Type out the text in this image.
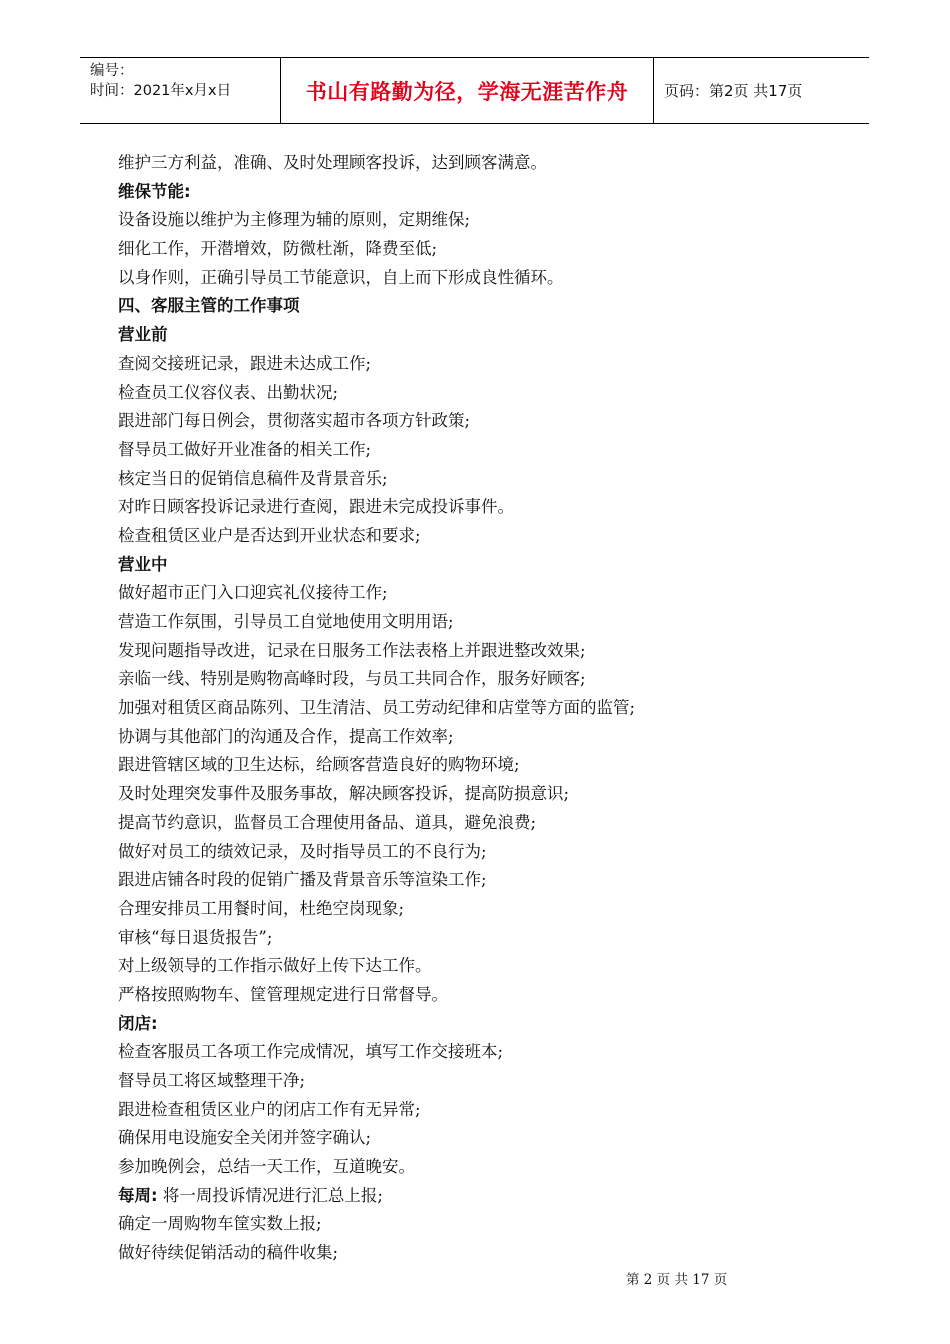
编号：
时间：2021年x月x日	书山有路勤为径，学海无涯苦作舟	页码：第2页 共17页
维护三方利益，准确、及时处理顾客投诉，达到顾客满意。
维保节能:
设备设施以维护为主修理为辅的原则，定期维保;
细化工作，开潜增效，防微杜渐，降费至低;
以身作则，正确引导员工节能意识，自上而下形成良性循环。
四、客服主管的工作事项
营业前
查阅交接班记录，跟进未达成工作;
检查员工仪容仪表、出勤状况;
跟进部门每日例会，贯彻落实超市各项方针政策;
督导员工做好开业准备的相关工作;
核定当日的促销信息稿件及背景音乐;
对昨日顾客投诉记录进行查阅，跟进未完成投诉事件。
检查租赁区业户是否达到开业状态和要求;
营业中
做好超市正门入口迎宾礼仪接待工作;
营造工作氛围，引导员工自觉地使用文明用语;
发现问题指导改进，记录在日服务工作法表格上并跟进整改效果;
亲临一线、特别是购物高峰时段，与员工共同合作，服务好顾客;
加强对租赁区商品陈列、卫生清洁、员工劳动纪律和店堂等方面的监管;
协调与其他部门的沟通及合作，提高工作效率;
跟进管辖区域的卫生达标，给顾客营造良好的购物环境;
及时处理突发事件及服务事故，解决顾客投诉，提高防损意识;
提高节约意识，监督员工合理使用备品、道具，避免浪费;
做好对员工的绩效记录，及时指导员工的不良行为;
跟进店铺各时段的促销广播及背景音乐等渲染工作;
合理安排员工用餐时间，杜绝空岗现象;
审核“每日退货报告”;
对上级领导的工作指示做好上传下达工作。
严格按照购物车、筐管理规定进行日常督导。
闭店:
检查客服员工各项工作完成情况，填写工作交接班本;
督导员工将区域整理干净;
跟进检查租赁区业户的闭店工作有无异常;
确保用电设施安全关闭并签字确认;
参加晚例会，总结一天工作，互道晚安。
每周: 将一周投诉情况进行汇总上报;
确定一周购物车筐实数上报;
做好待续促销活动的稿件收集;
第 2 页 共 17 页
